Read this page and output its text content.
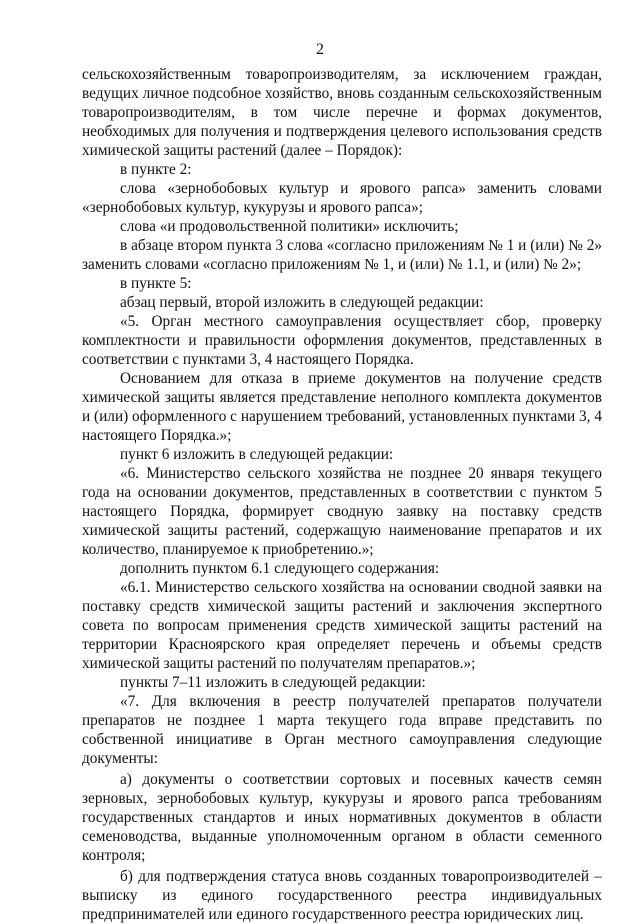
2

сельскохозяйственным товаропроизводителям, за исключением граждан, ведущих личное подсобное хозяйство, вновь созданным сельскохозяйственным товаропроизводителям, в том числе перечне и формах документов, необходимых для получения и подтверждения целевого использования средств химической защиты растений (далее – Порядок):

в пункте 2:

слова «зернобобовых культур и ярового рапса» заменить словами «зернобобовых культур, кукурузы и ярового рапса»;

слова «и продовольственной политики» исключить;

в абзаце втором пункта 3 слова «согласно приложениям № 1 и (или) № 2» заменить словами «согласно приложениям № 1, и (или) № 1.1, и (или) № 2»;

в пункте 5:

абзац первый, второй изложить в следующей редакции:

«5. Орган местного самоуправления осуществляет сбор, проверку комплектности и правильности оформления документов, представленных в соответствии с пунктами 3, 4 настоящего Порядка.

Основанием для отказа в приеме документов на получение средств химической защиты является представление неполного комплекта документов и (или) оформленного с нарушением требований, установленных пунктами 3, 4 настоящего Порядка.»;

пункт 6 изложить в следующей редакции:

«6. Министерство сельского хозяйства не позднее 20 января текущего года на основании документов, представленных в соответствии с пунктом 5 настоящего Порядка, формирует сводную заявку на поставку средств химической защиты растений, содержащую наименование препаратов и их количество, планируемое к приобретению.»;

дополнить пунктом 6.1 следующего содержания:

«6.1. Министерство сельского хозяйства на основании сводной заявки на поставку средств химической защиты растений и заключения экспертного совета по вопросам применения средств химической защиты растений на территории Красноярского края определяет перечень и объемы средств химической защиты растений по получателям препаратов.»;

пункты 7–11 изложить в следующей редакции:

«7. Для включения в реестр получателей препаратов получатели препаратов не позднее 1 марта текущего года вправе представить по собственной инициативе в Орган местного самоуправления следующие документы:

а) документы о соответствии сортовых и посевных качеств семян зерновых, зернобобовых культур, кукурузы и ярового рапса требованиям государственных стандартов и иных нормативных документов в области семеноводства, выданные уполномоченным органом в области семенного контроля;

б) для подтверждения статуса вновь созданных товаропроизводителей – выписку из единого государственного реестра индивидуальных предпринимателей или единого государственного реестра юридических лиц.
